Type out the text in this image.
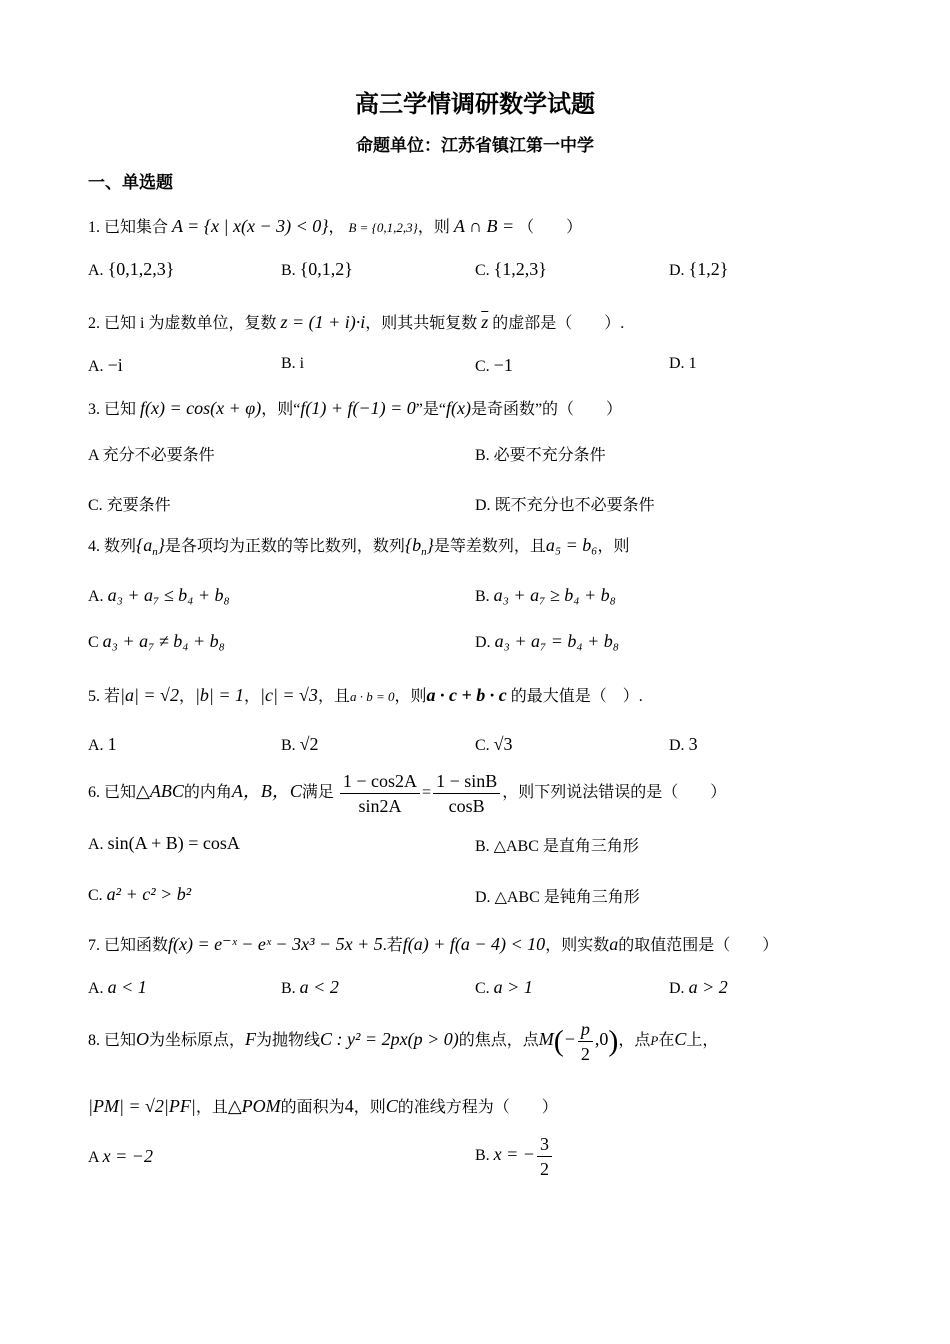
高三学情调研数学试题
命题单位：江苏省镇江第一中学
一、单选题
1. 已知集合 A = {x | x(x − 3) < 0}， B = {0,1,2,3}，则 A ∩ B = （　　）
A. {0,1,2,3}	B. {0,1,2}	C. {1,2,3}	D. {1,2}
2. 已知 i 为虚数单位，复数 z = (1 + i)·i，则其共轭复数 $\overline{z}$ 的虚部是（　　）.
A. −i	B. i	C. −1	D. 1
3. 已知 f(x) = cos(x + φ)，则“f(1) + f(−1) = 0”是“f(x)是奇函数”的（　　）
A 充分不必要条件	B. 必要不充分条件
C. 充要条件	D. 既不充分也不必要条件
4. 数列$\{a_n\}$是各项均为正数的等比数列，数列$\{b_n\}$是等差数列，且a₅ = b₆，则
A. a₃ + a₇ ≤ b₄ + b₈	B. a₃ + a₇ ≥ b₄ + b₈
C a₃ + a₇ ≠ b₄ + b₈	D. a₃ + a₇ = b₄ + b₈
5. 若|a| = √2，|b| = 1，|c| = √3，且a · b = 0，则a · c + b · c 的最大值是（　）.
A. 1	B. √2	C. √3	D. 3
6. 已知△ABC的内角A，B，C满足 $\frac{1 - \cos 2A}{\sin 2A} = \frac{1 - \sin B}{\cos B}$ ，则下列说法错误的是（　　）
A. sin(A + B) = cosA	B. △ABC 是直角三角形
C. a² + c² > b²	D. △ABC 是钝角三角形
7. 已知函数f(x) = e⁻ˣ − eˣ − 3x³ − 5x + 5.若f(a) + f(a − 4) < 10，则实数a的取值范围是（　　）
A. a < 1	B. a < 2	C. a > 1	D. a > 2
8. 已知O为坐标原点，F为抛物线C : y² = 2px(p > 0)的焦点，点$M(- \frac{p}{2} ,0)$，点P在C上，
|PM| = √2|PF|，且△POM的面积为4，则C的准线方程为（　　）
A x = −2	B. x = − $\frac{3}{2}$
